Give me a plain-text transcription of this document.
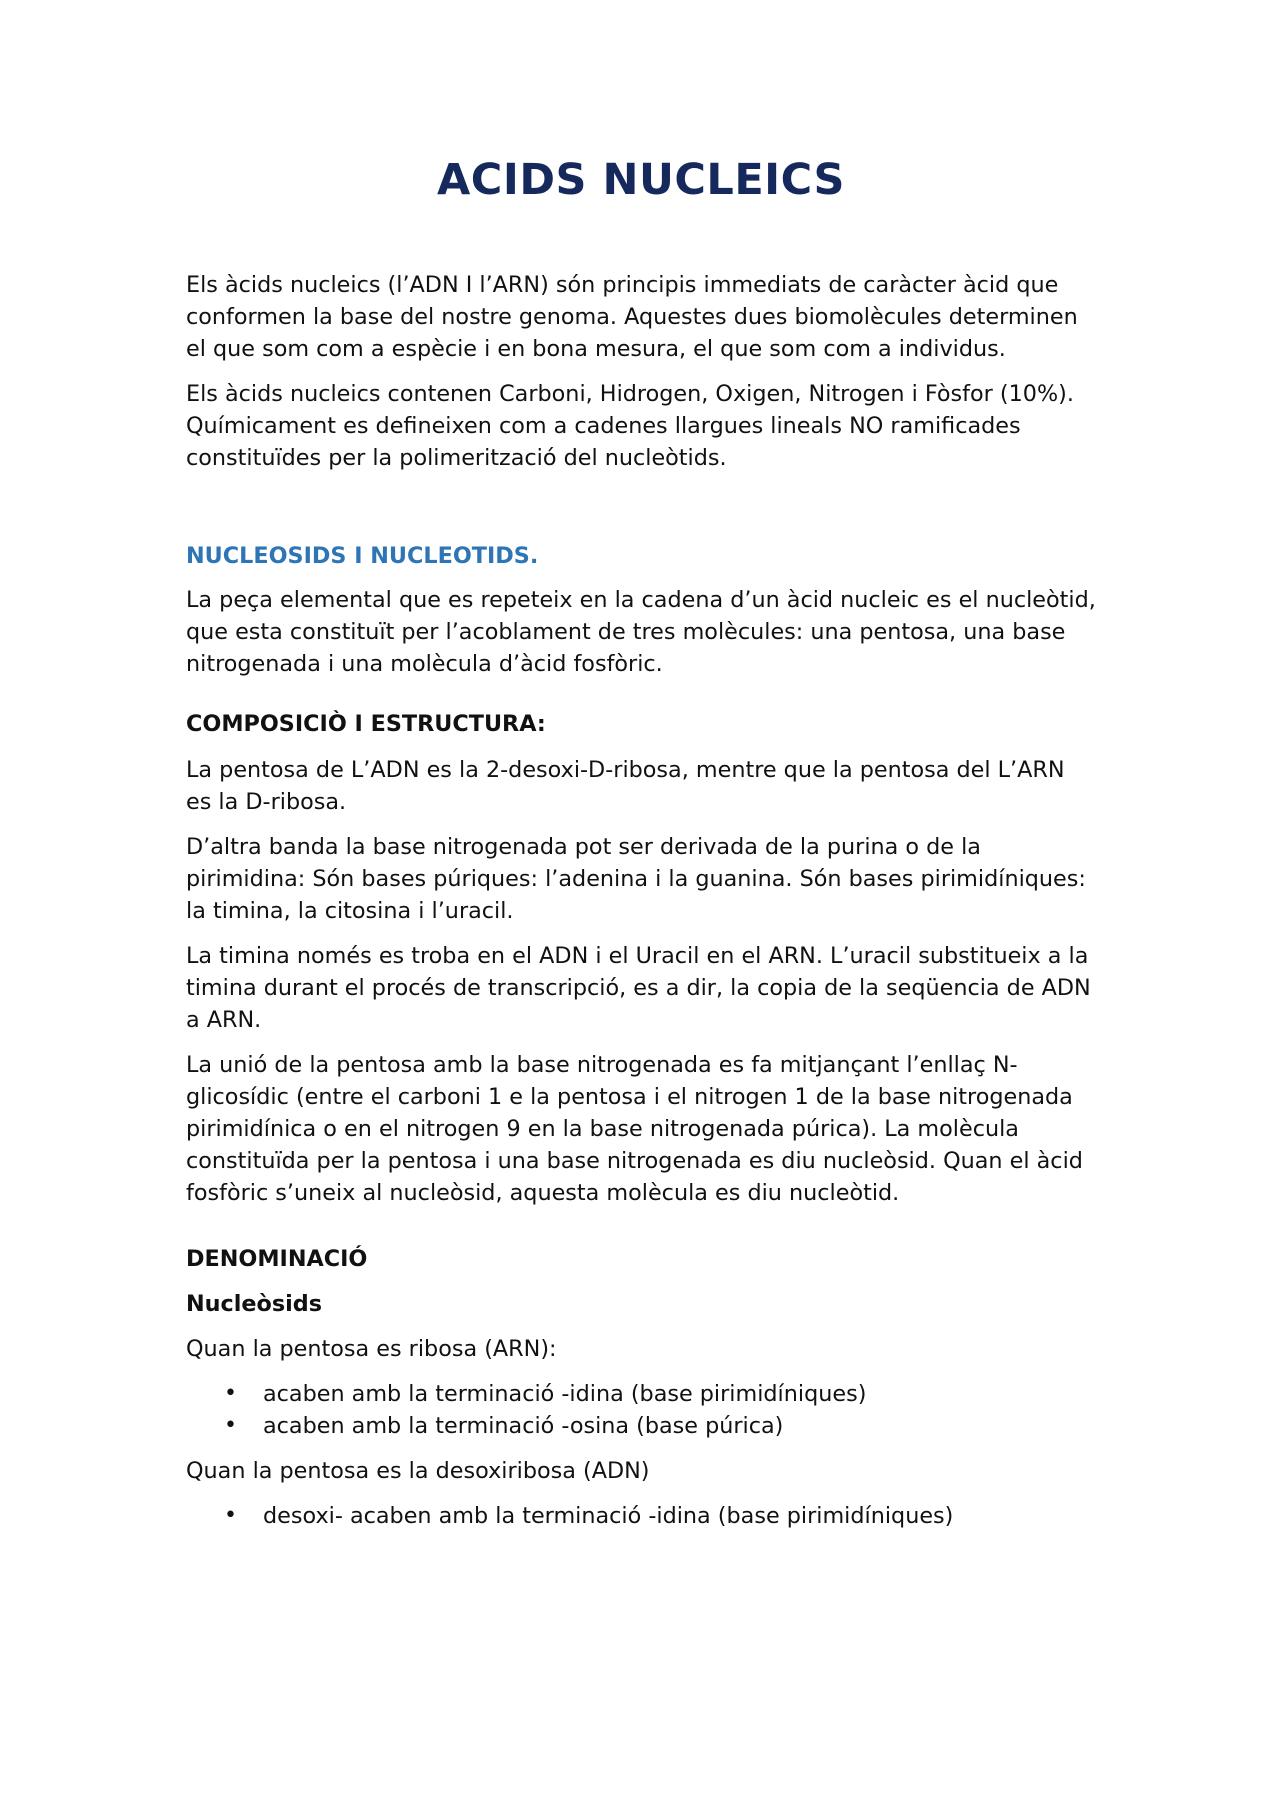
ACIDS NUCLEICS

Els àcids nucleics (l’ADN I l’ARN) són principis immediats de caràcter àcid que conformen la base del nostre genoma. Aquestes dues biomolècules determinen el que som com a espècie i en bona mesura, el que som com a individus.

Els àcids nucleics contenen Carboni, Hidrogen, Oxigen, Nitrogen i Fòsfor (10%). Químicament es defineixen com a cadenes llargues lineals NO ramificades constituïdes per la polimerització del nucleòtids.

NUCLEOSIDS I NUCLEOTIDS.

La peça elemental que es repeteix en la cadena d’un àcid nucleic es el nucleòtid, que esta constituït per l’acoblament de tres molècules: una pentosa, una base nitrogenada i una molècula d’àcid fosfòric.

COMPOSICIÒ I ESTRUCTURA:

La pentosa de L’ADN es la 2-desoxi-D-ribosa, mentre que la pentosa del L’ARN es la D-ribosa.

D’altra banda la base nitrogenada pot ser derivada de la purina o de la pirimidina: Són bases púriques: l’adenina i la guanina. Són bases pirimidíniques: la timina, la citosina i l’uracil.

La timina només es troba en el ADN i el Uracil en el ARN. L’uracil substitueix a la timina durant el procés de transcripció, es a dir, la copia de la seqüencia de ADN a ARN.

La unió de la pentosa amb la base nitrogenada es fa mitjançant l’enllaç N-glicosídic (entre el carboni 1 e la pentosa i el nitrogen 1 de la base nitrogenada pirimidínica o en el nitrogen 9 en la base nitrogenada púrica). La molècula constituïda per la pentosa i una base nitrogenada es diu nucleòsid. Quan el àcid fosfòric s’uneix al nucleòsid, aquesta molècula es diu nucleòtid.

DENOMINACIÓ
Nucleòsids

Quan la pentosa es ribosa (ARN):

• acaben amb la terminació -idina (base pirimidíniques)
• acaben amb la terminació -osina (base púrica)

Quan la pentosa es la desoxiribosa (ADN)

• desoxi- acaben amb la terminació -idina (base pirimidíniques)
